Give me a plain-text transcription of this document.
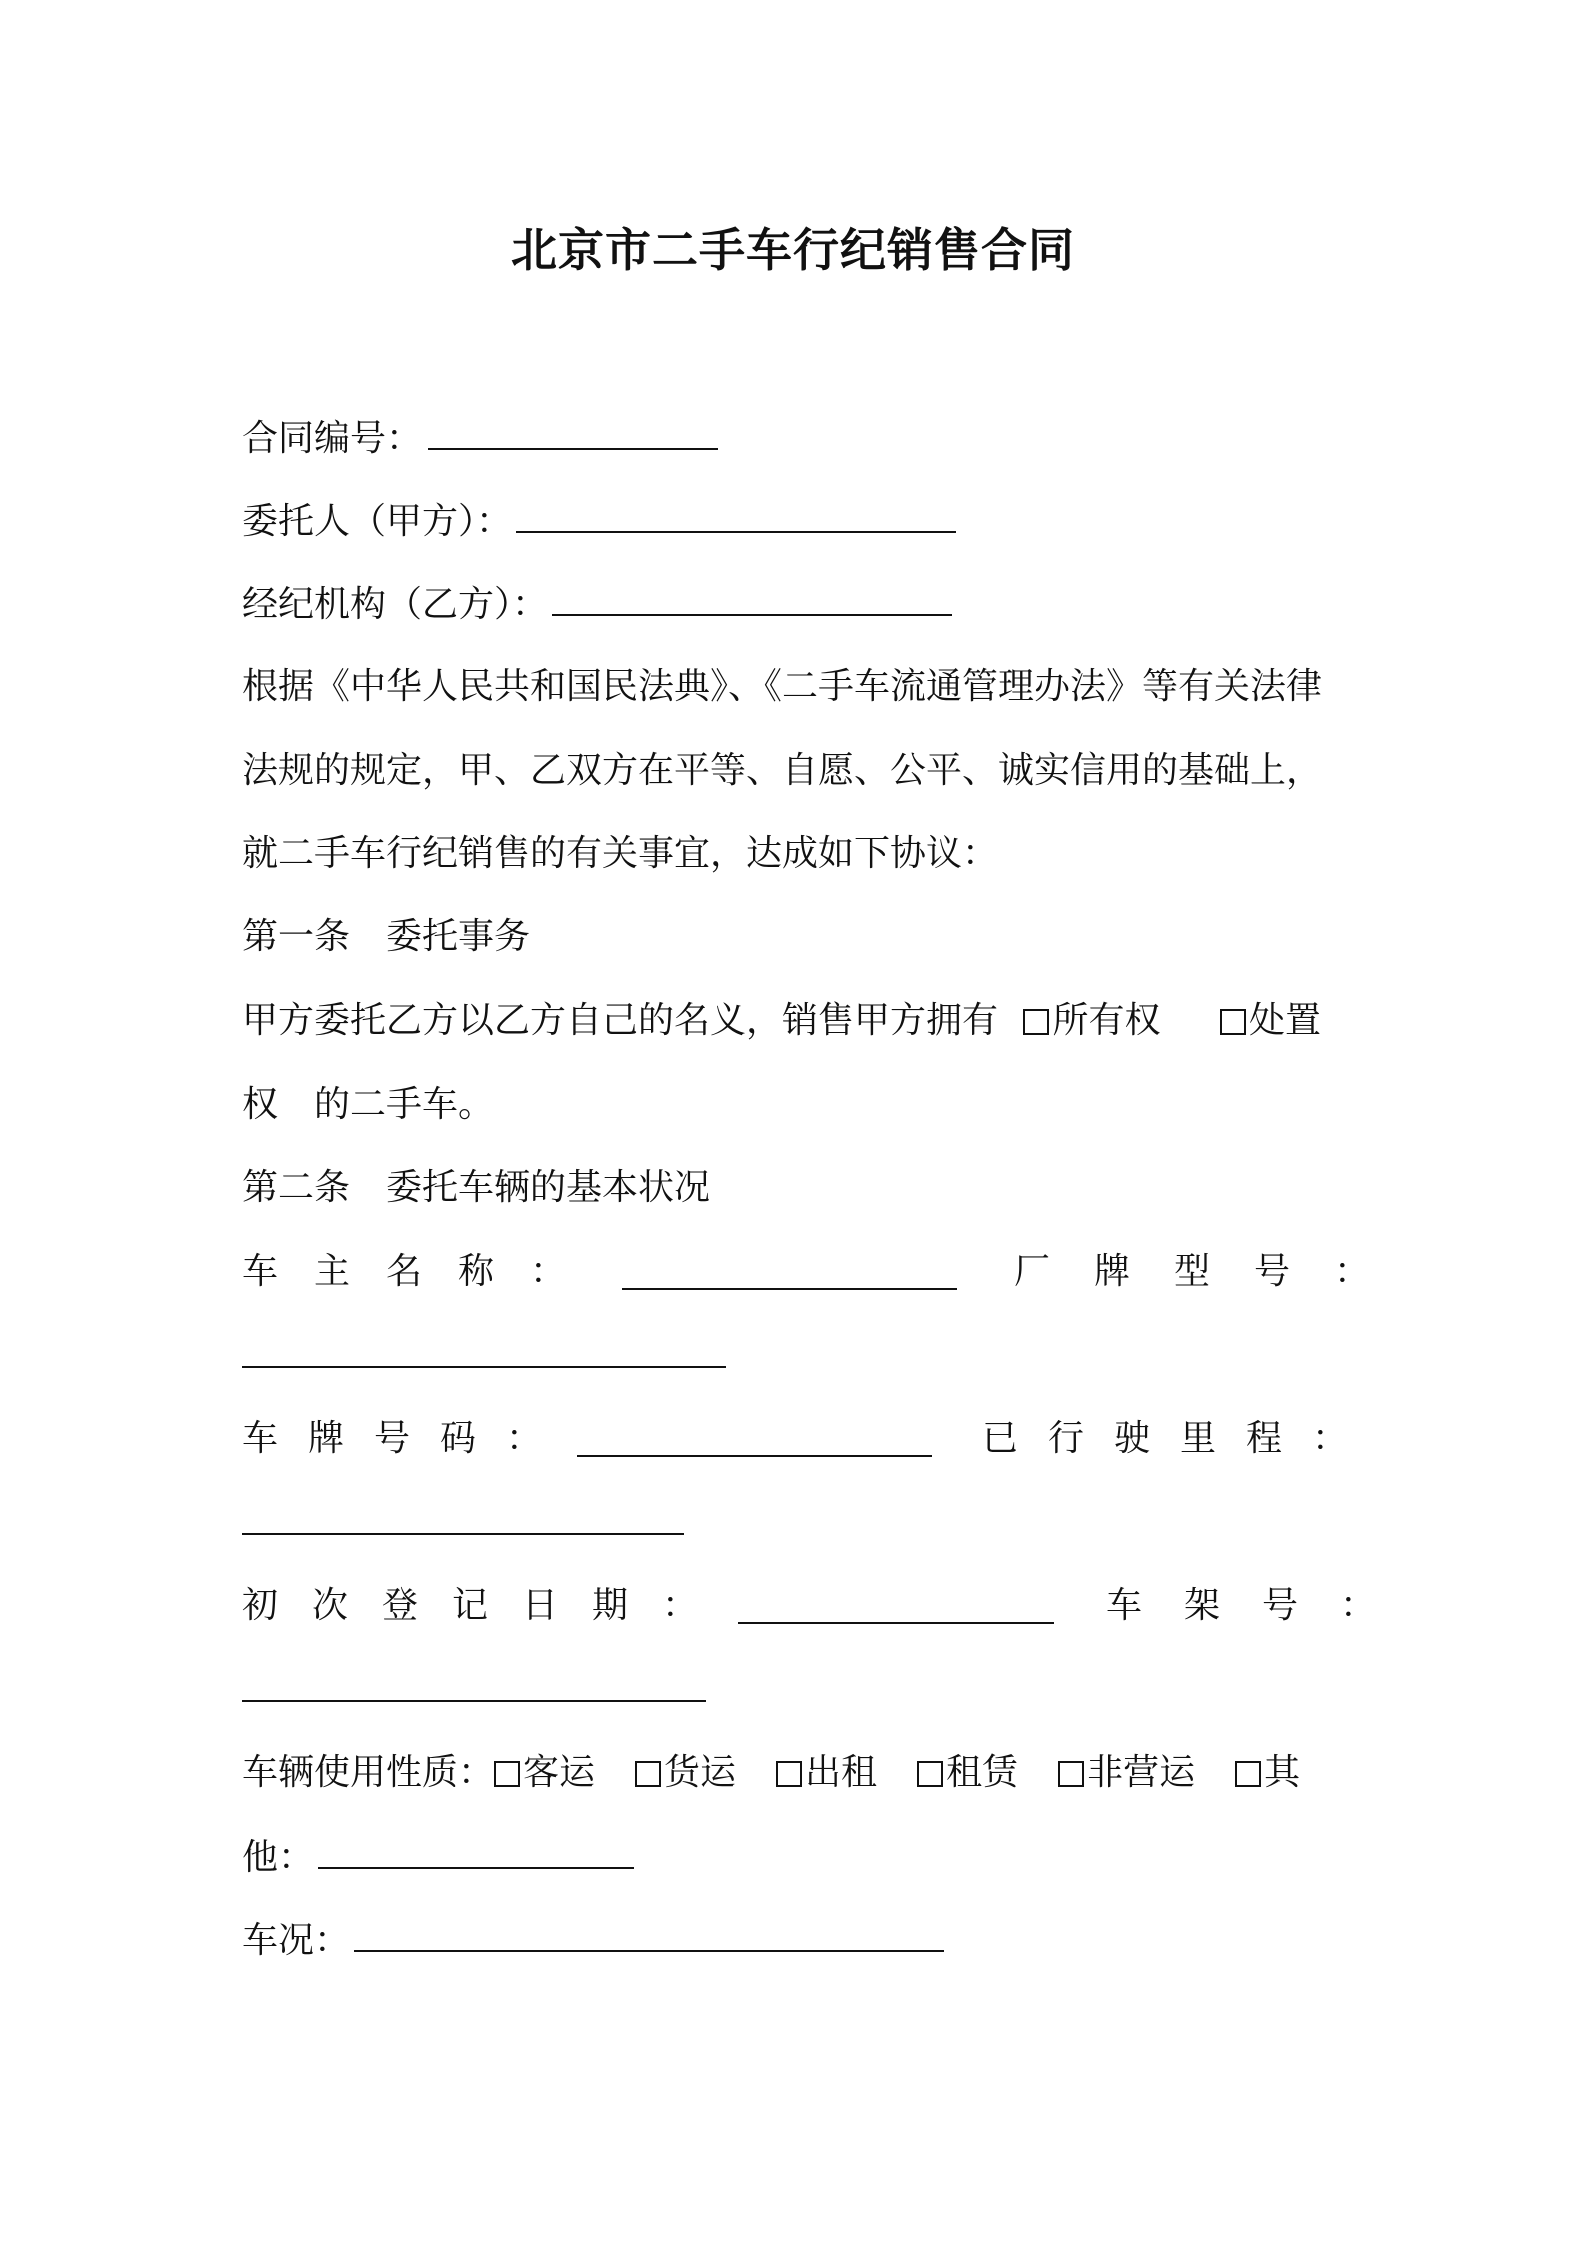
北京市二手车行纪销售合同
合同编号：
委托人（甲方）：
经纪机构（乙方）：
根据《中华人民共和国民法典》、《二手车流通管理办法》等有关法律
法规的规定，甲、乙双方在平等、自愿、公平、诚实信用的基础上，
就二手车行纪销售的有关事宜，达成如下协议：
第一条　委托事务
甲方委托乙方以乙方自己的名义，销售甲方拥有 所有权 处置
权 的二手车。
第二条　委托车辆的基本状况
车主名称：	厂牌型号：
车牌号码：	已行驶里程：
初次登记日期：	车架号：
车辆使用性质： 客运 货运 出租 租赁 非营运 其
他：
车况：
